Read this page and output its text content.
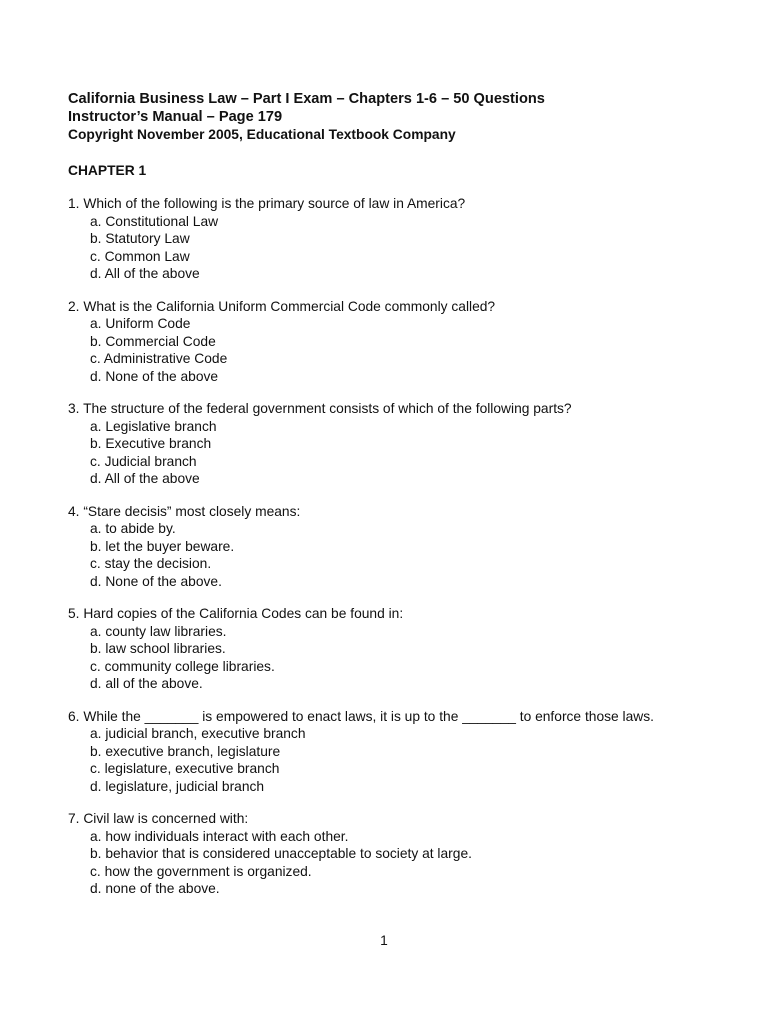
California Business Law – Part I Exam – Chapters 1-6 – 50 Questions
Instructor’s Manual – Page 179
Copyright November 2005, Educational Textbook Company
CHAPTER 1
1. Which of the following is the primary source of law in America?
a. Constitutional Law
b. Statutory Law
c. Common Law
d. All of the above
2. What is the California Uniform Commercial Code commonly called?
a. Uniform Code
b. Commercial Code
c. Administrative Code
d. None of the above
3. The structure of the federal government consists of which of the following parts?
a. Legislative branch
b. Executive branch
c. Judicial branch
d. All of the above
4. “Stare decisis” most closely means:
a. to abide by.
b. let the buyer beware.
c. stay the decision.
d. None of the above.
5. Hard copies of the California Codes can be found in:
a. county law libraries.
b. law school libraries.
c. community college libraries.
d. all of the above.
6. While the _______ is empowered to enact laws, it is up to the _______ to enforce those laws.
a. judicial branch, executive branch
b. executive branch, legislature
c. legislature, executive branch
d. legislature, judicial branch
7. Civil law is concerned with:
a. how individuals interact with each other.
b. behavior that is considered unacceptable to society at large.
c. how the government is organized.
d. none of the above.
1
